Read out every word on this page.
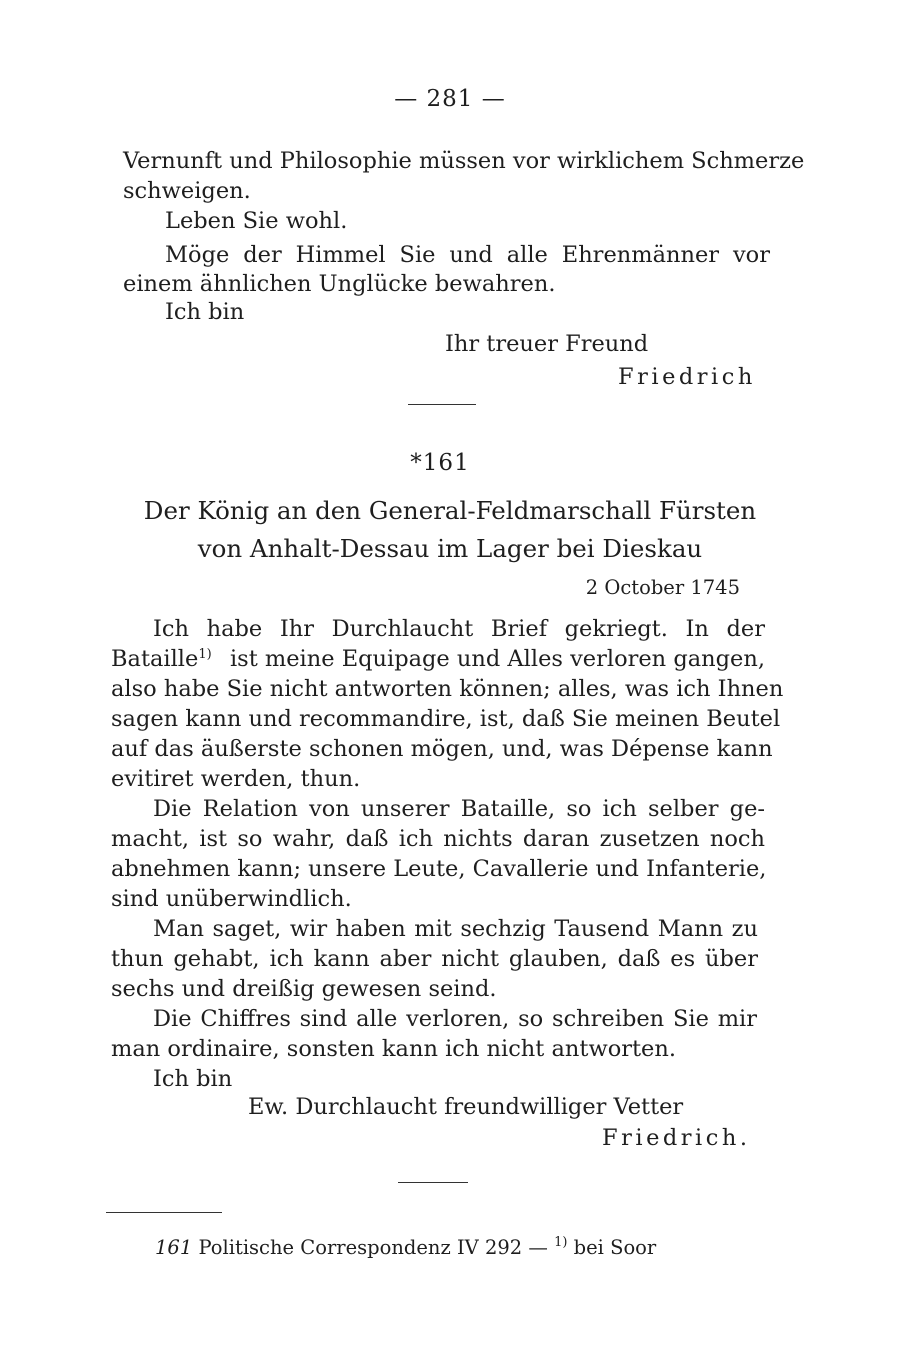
— 281 —
Vernunft und Philosophie müssen vor wirklichem Schmerze
schweigen.
Leben Sie wohl.
Möge der Himmel Sie und alle Ehrenmänner vor
einem ähnlichen Unglücke bewahren.
Ich bin
Ihr treuer Freund
Friedrich
*161
Der König an den General-Feldmarschall Fürsten
von Anhalt-Dessau im Lager bei Dieskau
2 October 1745
Ich habe Ihr Durchlaucht Brief gekriegt. In der
Bataille$^{1)}$ ist meine Equipage und Alles verloren gangen,
also habe Sie nicht antworten können; alles, was ich Ihnen
sagen kann und recommandire, ist, daß Sie meinen Beutel
auf das äußerste schonen mögen, und, was Dépense kann
evitiret werden, thun.
Die Relation von unserer Bataille, so ich selber ge-
macht, ist so wahr, daß ich nichts daran zusetzen noch
abnehmen kann; unsere Leute, Cavallerie und Infanterie,
sind unüberwindlich.
Man saget, wir haben mit sechzig Tausend Mann zu
thun gehabt, ich kann aber nicht glauben, daß es über
sechs und dreißig gewesen seind.
Die Chiffres sind alle verloren, so schreiben Sie mir
man ordinaire, sonsten kann ich nicht antworten.
Ich bin
Ew. Durchlaucht freundwilliger Vetter
Friedrich.
161 Politische Correspondenz IV 292 — $^{1)}$ bei Soor
